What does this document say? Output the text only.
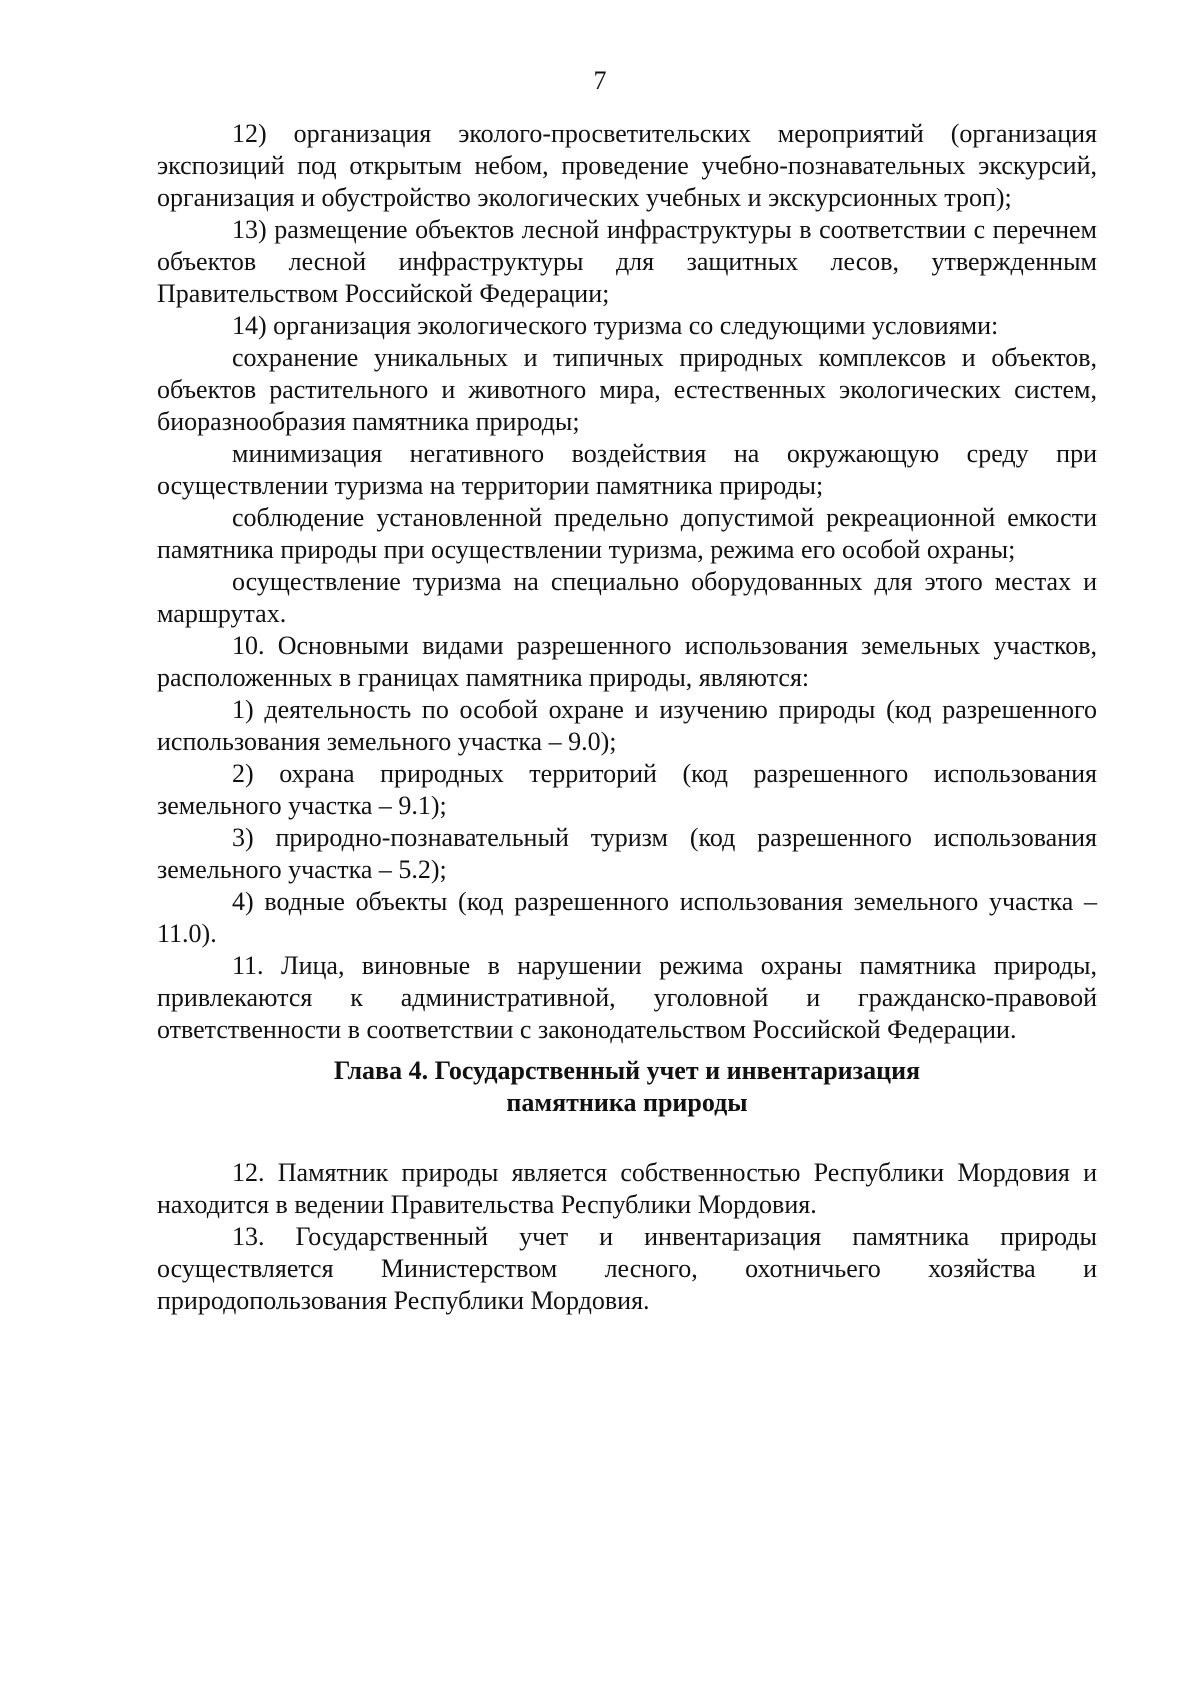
7

12) организация эколого-просветительских мероприятий (организация экспозиций под открытым небом, проведение учебно-познавательных экскурсий, организация и обустройство экологических учебных и экскурсионных троп);

13) размещение объектов лесной инфраструктуры в соответствии с перечнем объектов лесной инфраструктуры для защитных лесов, утвержденным Правительством Российской Федерации;

14) организация экологического туризма со следующими условиями:

сохранение уникальных и типичных природных комплексов и объектов, объектов растительного и животного мира, естественных экологических систем, биоразнообразия памятника природы;

минимизация негативного воздействия на окружающую среду при осуществлении туризма на территории памятника природы;

соблюдение установленной предельно допустимой рекреационной емкости памятника природы при осуществлении туризма, режима его особой охраны;

осуществление туризма на специально оборудованных для этого местах и маршрутах.

10. Основными видами разрешенного использования земельных участков, расположенных в границах памятника природы, являются:

1) деятельность по особой охране и изучению природы (код разрешенного использования земельного участка – 9.0);

2) охрана природных территорий (код разрешенного использования земельного участка – 9.1);

3) природно-познавательный туризм (код разрешенного использования земельного участка – 5.2);

4) водные объекты (код разрешенного использования земельного участка – 11.0).

11. Лица, виновные в нарушении режима охраны памятника природы, привлекаются к административной, уголовной и гражданско-правовой ответственности в соответствии с законодательством Российской Федерации.

Глава 4. Государственный учет и инвентаризация
памятника природы

12. Памятник природы является собственностью Республики Мордовия и находится в ведении Правительства Республики Мордовия.

13. Государственный учет и инвентаризация памятника природы осуществляется Министерством лесного, охотничьего хозяйства и природопользования Республики Мордовия.
